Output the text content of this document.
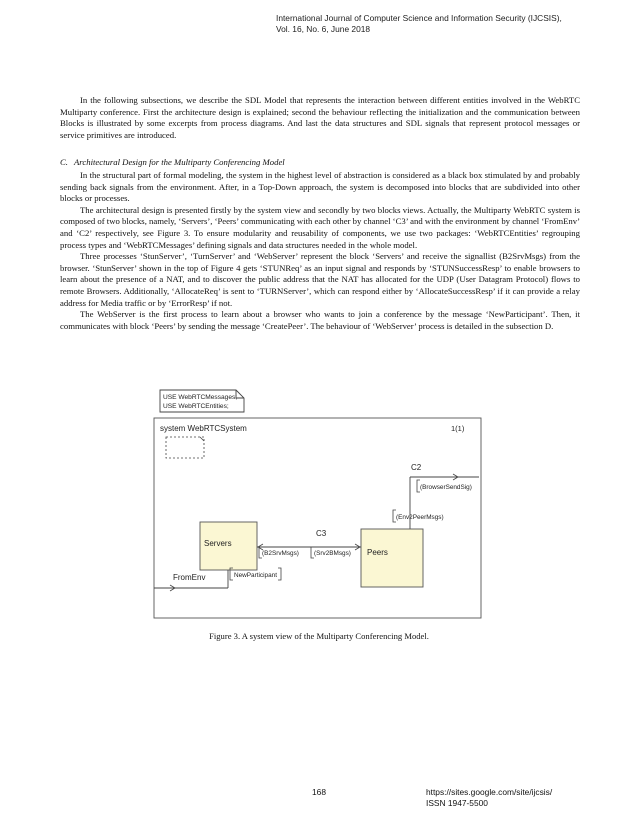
International Journal of Computer Science and Information Security (IJCSIS),
Vol. 16, No. 6, June 2018

In the following subsections, we describe the SDL Model that represents the interaction between different entities involved in the WebRTC Multiparty conference. First the architecture design is explained; second the behaviour reflecting the initialization and the communication between Blocks is illustrated by some excerpts from process diagrams. And last the data structures and SDL signals that represent protocol messages or service primitives are introduced.

C. Architectural Design for the Multiparty Conferencing Model

In the structural part of formal modeling, the system in the highest level of abstraction is considered as a black box stimulated by and probably sending back signals from the environment. After, in a Top-Down approach, the system is decomposed into blocks that are subdivided into other blocks or processes.

The architectural design is presented firstly by the system view and secondly by two blocks views. Actually, the Multiparty WebRTC system is composed of two blocks, namely, ‘Servers’, ‘Peers’ communicating with each other by channel ‘C3’ and with the environment by channel ‘FromEnv’ and ‘C2’ respectively, see Figure 3. To ensure modularity and reusability of components, we use two packages: ‘WebRTCEntities’ regrouping process types and ‘WebRTCMessages’ defining signals and data structures needed in the whole model.

Three processes ‘StunServer’, ‘TurnServer’ and ‘WebServer’ represent the block ‘Servers’ and receive the signallist (B2SrvMsgs) from the browser. ‘StunServer’ shown in the top of Figure 4 gets ‘STUNReq’ as an input signal and responds by ‘STUNSuccessResp’ to enable browsers to learn about the presence of a NAT, and to discover the public address that the NAT has allocated for the UDP (User Datagram Protocol) flows to remote Browsers. Additionally, ‘AllocateReq’ is sent to ‘TURNServer’, which can respond either by ‘AllocateSuccessResp’ if it can provide a relay address for Media traffic or by ‘ErrorResp’ if not.

The WebServer is the first process to learn about a browser who wants to join a conference by the message ‘NewParticipant’. Then, it communicates with block ‘Peers’ by sending the message ‘CreatePeer’. The behaviour of ‘WebServer’ process is detailed in the subsection D.

USE WebRTCMessages;
USE WebRTCEntities;
system WebRTCSystem	1(1)
C2
(BrowserSendSig)
(Env2PeerMsgs)
Servers
Peers
C3
(B2SrvMsgs) (Srv2BMsgs)
FromEnv	NewParticipant
Figure 3. A system view of the Multiparty Conferencing Model.
168	https://sites.google.com/site/ijcsis/
ISSN 1947-5500
